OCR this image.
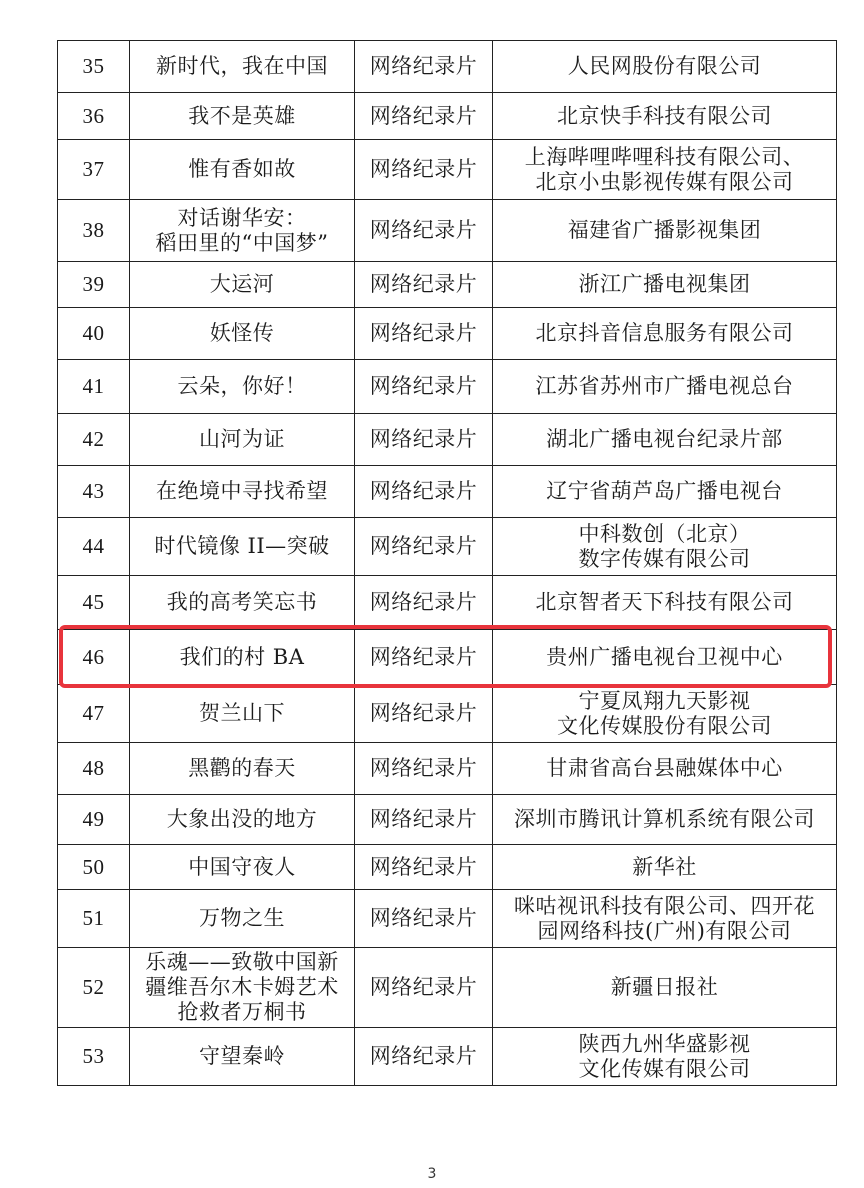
35	新时代，我在中国	网络纪录片	人民网股份有限公司
36	我不是英雄	网络纪录片	北京快手科技有限公司
37	惟有香如故	网络纪录片	上海哔哩哔哩科技有限公司、
北京小虫影视传媒有限公司
38	对话谢华安：
稻田里的“中国梦”	网络纪录片	福建省广播影视集团
39	大运河	网络纪录片	浙江广播电视集团
40	妖怪传	网络纪录片	北京抖音信息服务有限公司
41	云朵，你好！	网络纪录片	江苏省苏州市广播电视总台
42	山河为证	网络纪录片	湖北广播电视台纪录片部
43	在绝境中寻找希望	网络纪录片	辽宁省葫芦岛广播电视台
44	时代镜像 II—突破	网络纪录片	中科数创（北京）
数字传媒有限公司
45	我的高考笑忘书	网络纪录片	北京智者天下科技有限公司
46	我们的村 BA	网络纪录片	贵州广播电视台卫视中心
47	贺兰山下	网络纪录片	宁夏凤翔九天影视
文化传媒股份有限公司
48	黑鹳的春天	网络纪录片	甘肃省高台县融媒体中心
49	大象出没的地方	网络纪录片	深圳市腾讯计算机系统有限公司
50	中国守夜人	网络纪录片	新华社
51	万物之生	网络纪录片	咪咕视讯科技有限公司、四开花
园网络科技(广州)有限公司
52	乐魂——致敬中国新
疆维吾尔木卡姆艺术
抢救者万桐书	网络纪录片	新疆日报社
53	守望秦岭	网络纪录片	陕西九州华盛影视
文化传媒有限公司
3
